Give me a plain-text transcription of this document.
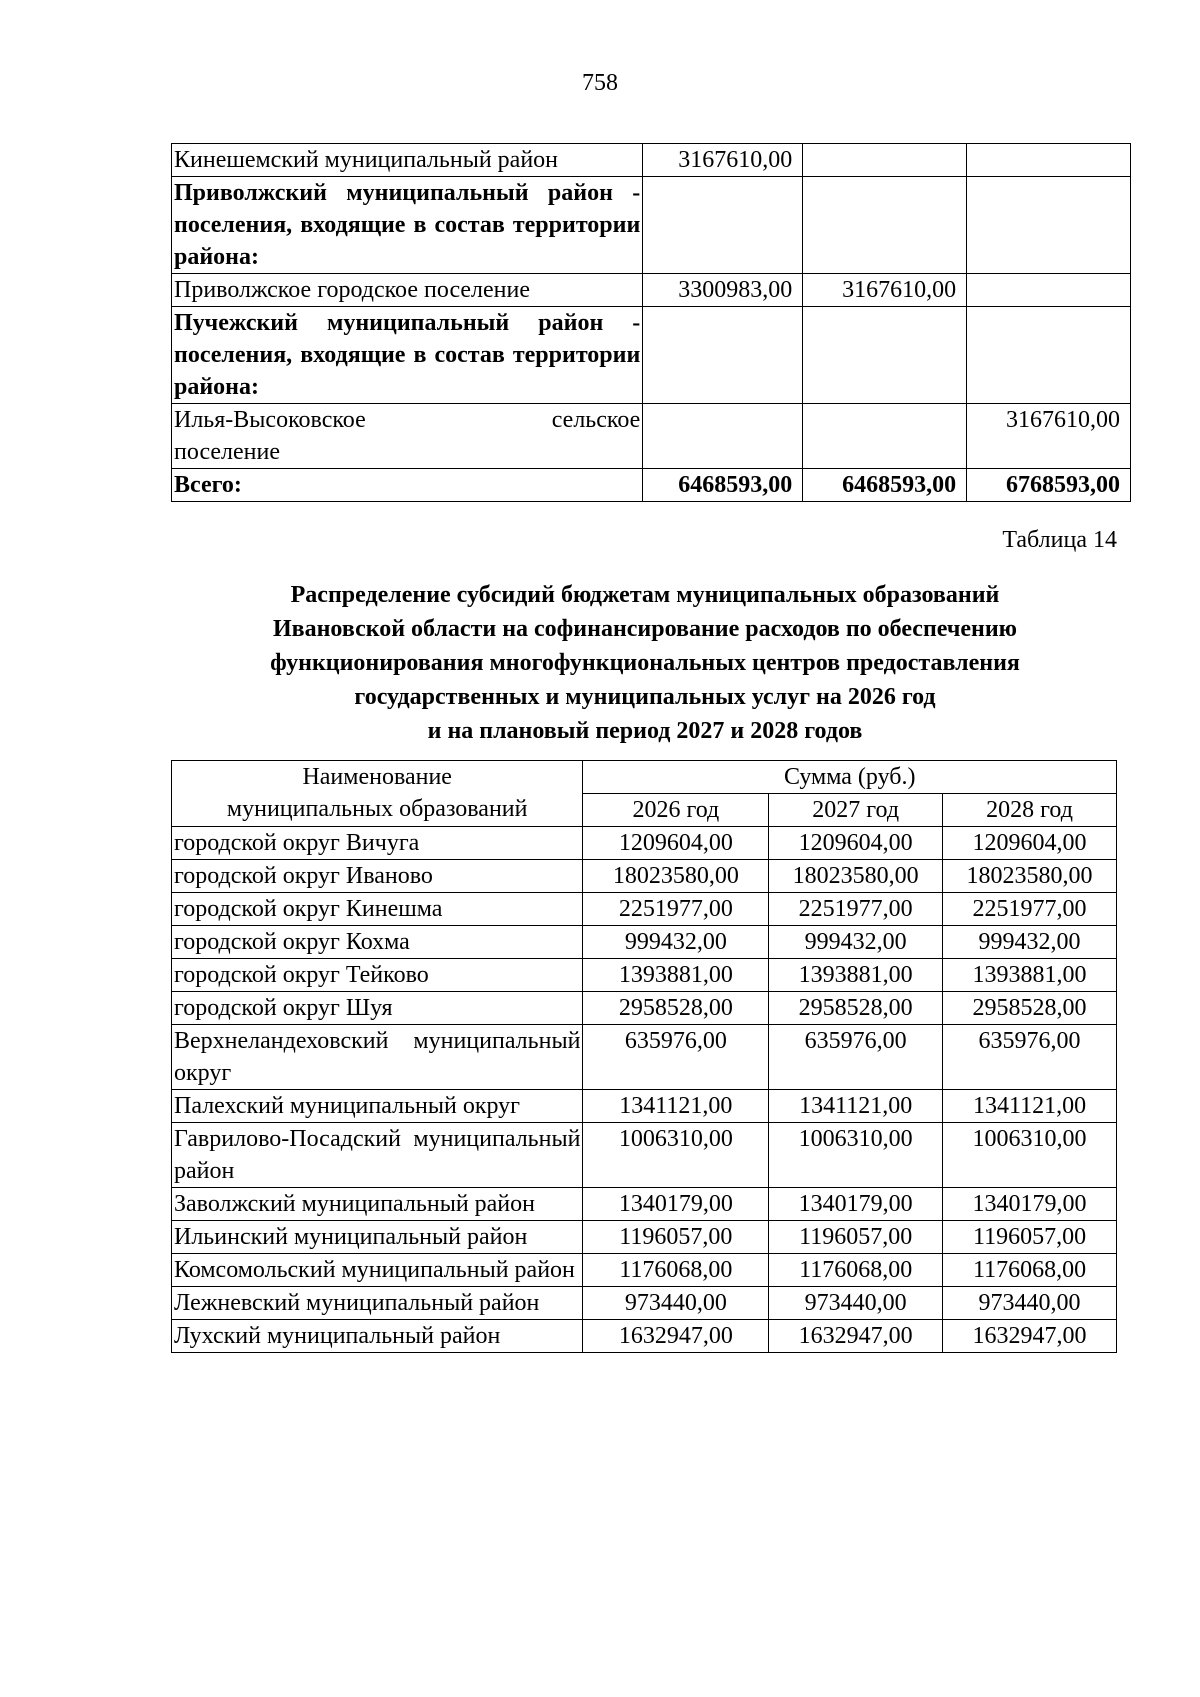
758
Кинешемский муниципальный район	3167610,00		
Приволжский муниципальный район - поселения, входящие в состав территории района:			
Приволжское городское поселение	3300983,00	3167610,00	
Пучежский муниципальный район - поселения, входящие в состав территории района:			

Илья-Высоковское сельское
поселение			3167610,00
Всего:	6468593,00	6468593,00	6768593,00
Таблица 14
Распределение субсидий бюджетам муниципальных образований
Ивановской области на софинансирование расходов по обеспечению
функционирования многофункциональных центров предоставления
государственных и муниципальных услуг на 2026 год
и на плановый период 2027 и 2028 годов
Наименование
муниципальных образований	Сумма (руб.)		
	2026 год	2027 год	2028 год
городской округ Вичуга	1209604,00	1209604,00	1209604,00
городской округ Иваново	18023580,00	18023580,00	18023580,00
городской округ Кинешма	2251977,00	2251977,00	2251977,00
городской округ Кохма	999432,00	999432,00	999432,00
городской округ Тейково	1393881,00	1393881,00	1393881,00
городской округ Шуя	2958528,00	2958528,00	2958528,00
Верхнеландеховский муниципальный округ	635976,00	635976,00	635976,00
Палехский муниципальный округ	1341121,00	1341121,00	1341121,00
Гаврилово-Посадский муниципальный район	1006310,00	1006310,00	1006310,00
Заволжский муниципальный район	1340179,00	1340179,00	1340179,00
Ильинский муниципальный район	1196057,00	1196057,00	1196057,00
Комсомольский муниципальный район	1176068,00	1176068,00	1176068,00
Лежневский муниципальный район	973440,00	973440,00	973440,00
Лухский муниципальный район	1632947,00	1632947,00	1632947,00
